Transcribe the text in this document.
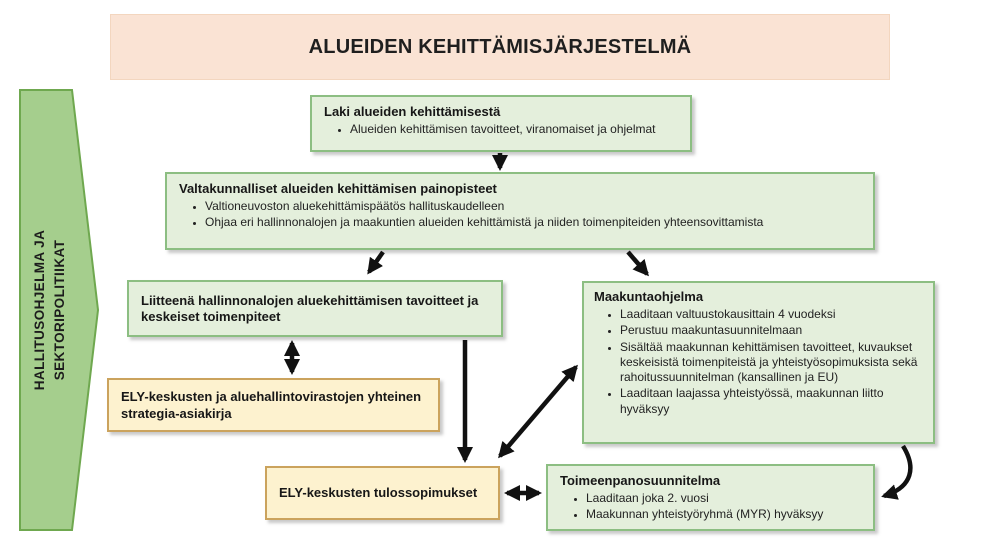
ALUEIDEN KEHITTÄMISJÄRJESTELMÄ
HALLITUSOHJELMA JA SEKTORIPOLITIIKAT
Laki alueiden kehittämisestä
• Alueiden kehittämisen tavoitteet, viranomaiset ja ohjelmat
Valtakunnalliset alueiden kehittämisen painopisteet
• Valtioneuvoston aluekehittämispäätös hallituskaudelleen
• Ohjaa eri hallinnonalojen ja maakuntien alueiden kehittämistä ja niiden toimenpiteiden yhteensovittamista
Liitteenä hallinnonalojen aluekehittämisen tavoitteet ja keskeiset toimenpiteet
Maakuntaohjelma
• Laaditaan valtuustokausittain 4 vuodeksi
• Perustuu maakuntasuunnitelmaan
• Sisältää maakunnan kehittämisen tavoitteet, kuvaukset keskeisistä toimenpiteistä ja yhteistyösopimuksista sekä rahoitussuunnitelman (kansallinen ja EU)
• Laaditaan laajassa yhteistyössä, maakunnan liitto hyväksyy
ELY-keskusten ja aluehallintovirastojen yhteinen strategia-asiakirja
ELY-keskusten tulossopimukset
Toimeenpanosuunnitelma
• Laaditaan joka 2. vuosi
• Maakunnan yhteistyöryhmä (MYR) hyväksyy
